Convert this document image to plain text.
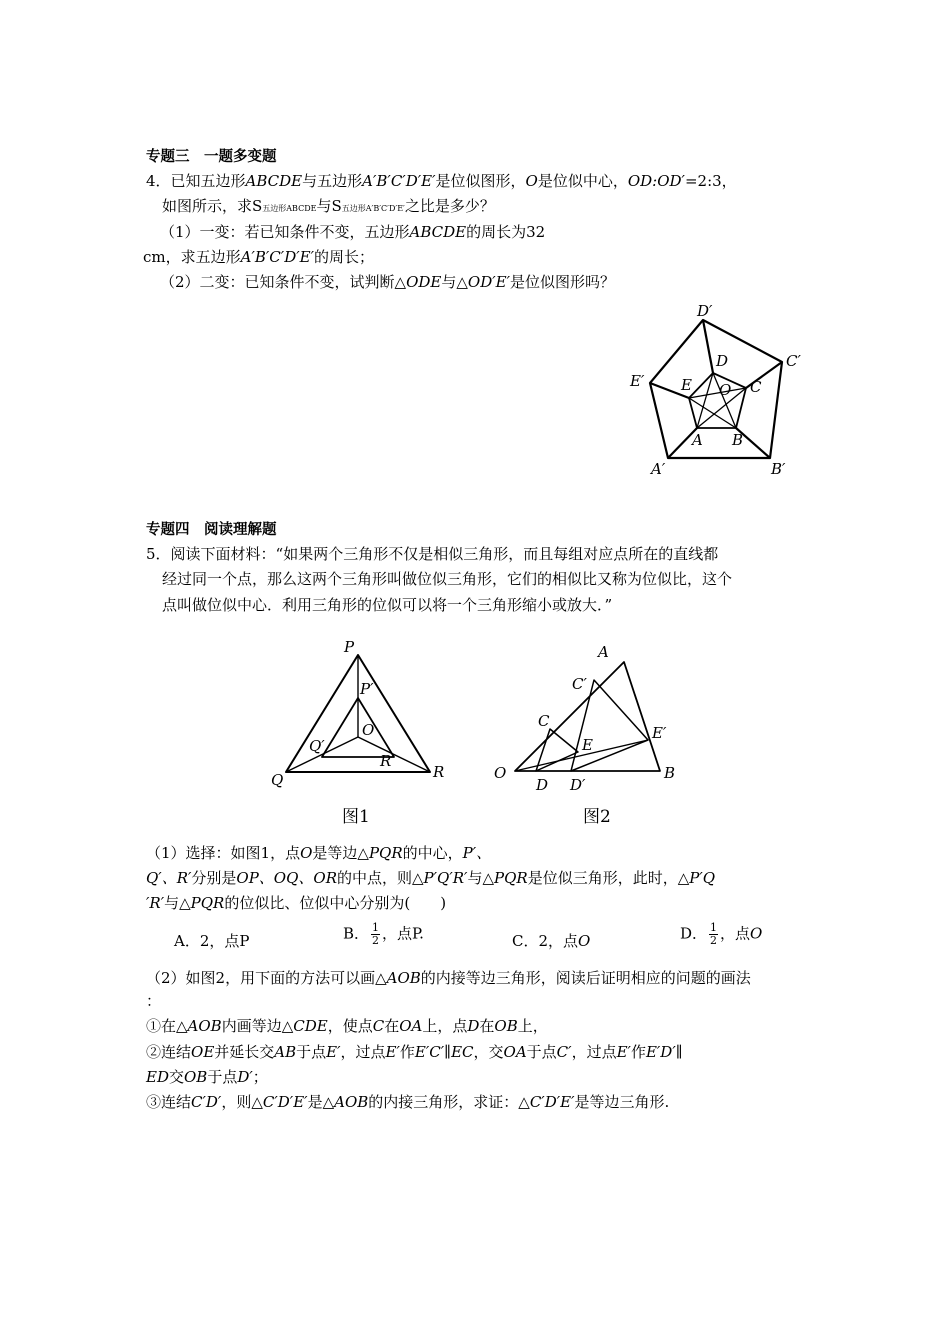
专题三　一题多变题
4．已知五边形ABCDE与五边形A′B′C′D′E′是位似图形，O是位似中心，OD:OD′=2:3，
如图所示，求S五边形ABCDE与S五边形A′B′C′D′E′之比是多少？
（1）一变：若已知条件不变，五边形ABCDE的周长为32
cm，求五边形A′B′C′D′E′的周长；
（2）二变：已知条件不变，试判断△ODE与△OD′E′是位似图形吗？
D′
C′
E′
A′	B′
D
E O C
A B
专题四　阅读理解题
5．阅读下面材料：“如果两个三角形不仅是相似三角形，而且每组对应点所在的直线都
经过同一个点，那么这两个三角形叫做位似三角形，它们的相似比又称为位似比，这个
点叫做位似中心．利用三角形的位似可以将一个三角形缩小或放大．”
P
P′
O
Q′
R′
Q	R
图1
A
C′
C
E
E′
O
D D′
B
图2
（1）选择：如图1，点O是等边△PQR的中心，P′、
Q′、R′分别是OP、OQ、OR的中点，则△P′Q′R′与△PQR是位似三角形，此时，△P′Q
′R′与△PQR的位似比、位似中心分别为(　　)
A．2，点P	B． $\frac{1}{2}$ ，点P.	C．2，点O	D． $\frac{1}{2}$ ，点O
（2）如图2，用下面的方法可以画△AOB的内接等边三角形，阅读后证明相应的问题的画法
：
①在△AOB内画等边△CDE，使点C在OA上，点D在OB上，
②连结OE并延长交AB于点E′，过点E′作E′C′∥EC，交OA于点C′，过点E′作E′D′∥
ED交OB于点D′；
③连结C′D′，则△C′D′E′是△AOB的内接三角形，求证：△C′D′E′是等边三角形.
